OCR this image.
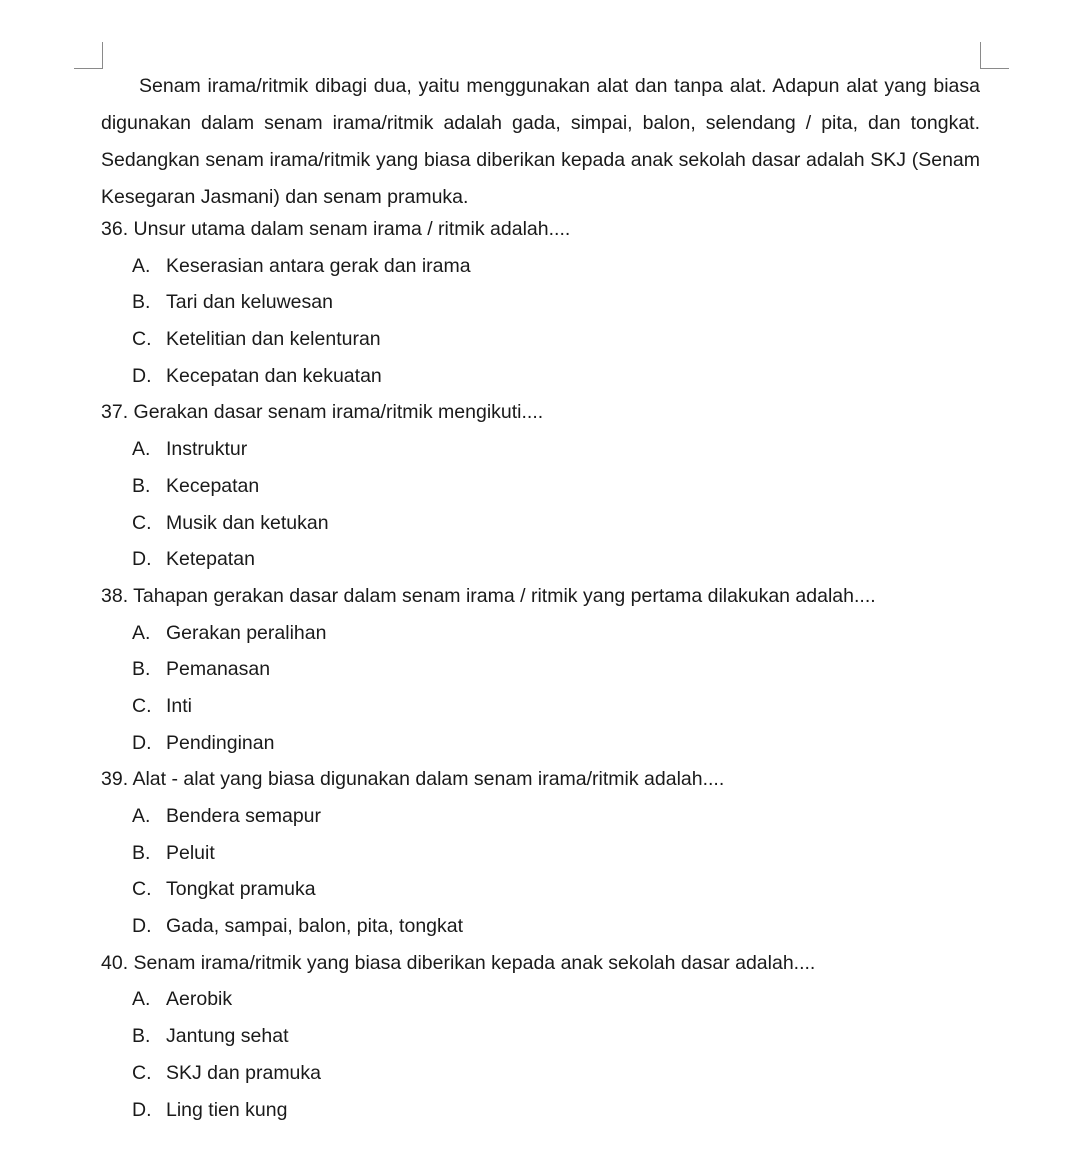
Senam irama/ritmik dibagi dua, yaitu menggunakan alat dan tanpa alat. Adapun alat yang biasa digunakan dalam senam irama/ritmik adalah gada, simpai, balon, selendang / pita, dan tongkat. Sedangkan senam irama/ritmik yang biasa diberikan kepada anak sekolah dasar adalah SKJ (Senam Kesegaran Jasmani) dan senam pramuka.

36. Unsur utama dalam senam irama / ritmik adalah....
A. Keserasian antara gerak dan irama
B. Tari dan keluwesan
C. Ketelitian dan kelenturan
D. Kecepatan dan kekuatan
37. Gerakan dasar senam irama/ritmik mengikuti....
A. Instruktur
B. Kecepatan
C. Musik dan ketukan
D. Ketepatan
38. Tahapan gerakan dasar dalam senam irama / ritmik yang pertama dilakukan adalah....
A. Gerakan peralihan
B. Pemanasan
C. Inti
D. Pendinginan
39. Alat - alat yang biasa digunakan dalam senam irama/ritmik adalah....
A. Bendera semapur
B. Peluit
C. Tongkat pramuka
D. Gada, sampai, balon, pita, tongkat
40. Senam irama/ritmik yang biasa diberikan kepada anak sekolah dasar adalah....
A. Aerobik
B. Jantung sehat
C. SKJ dan pramuka
D. Ling tien kung
